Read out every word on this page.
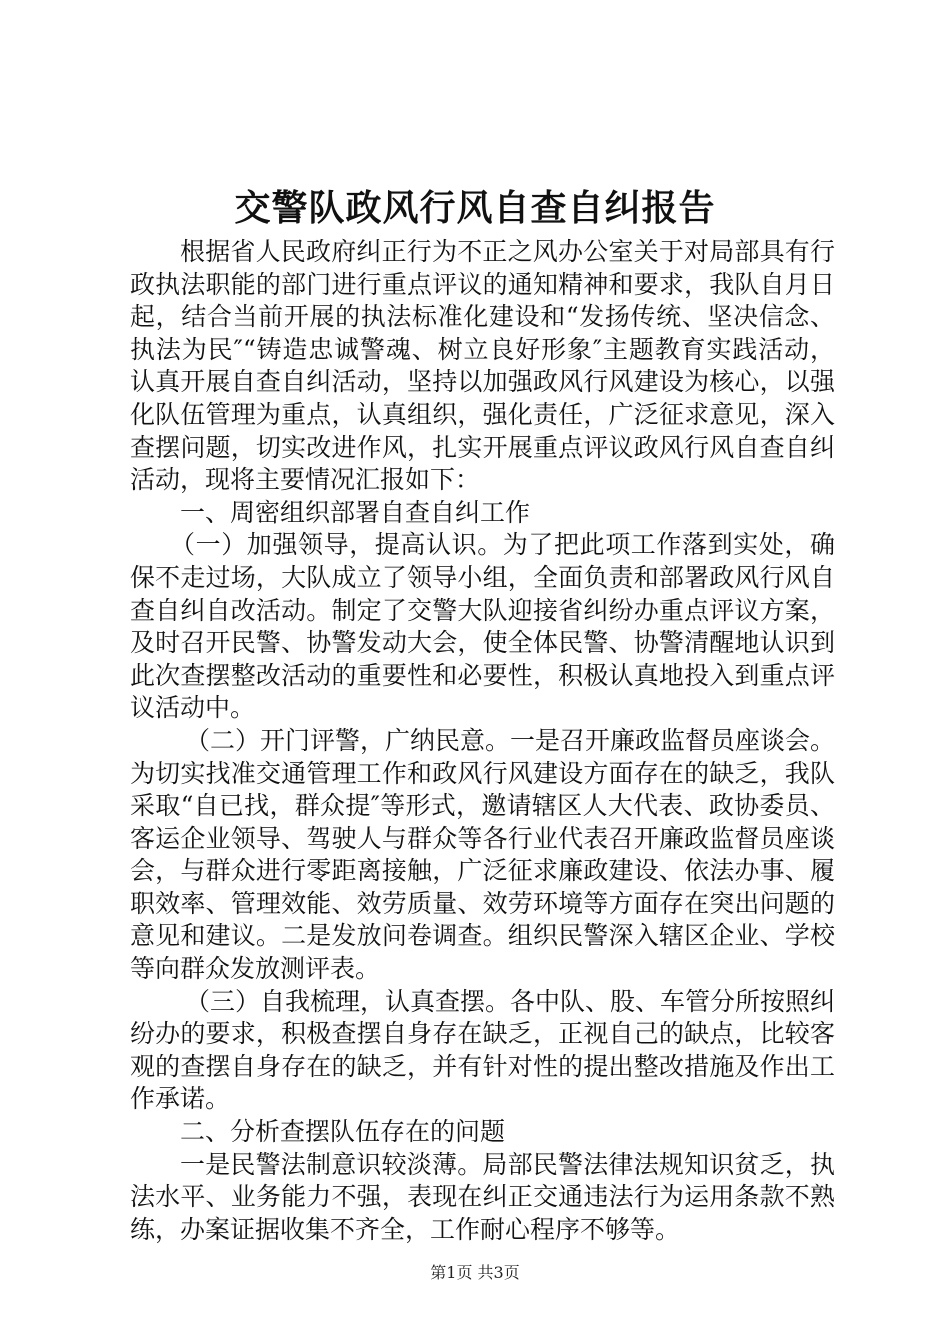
交警队政风行风自查自纠报告

根据省人民政府纠正行为不正之风办公室关于对局部具有行政执法职能的部门进行重点评议的通知精神和要求，我队自月日起，结合当前开展的执法标准化建设和“发扬传统、坚决信念、执法为民″“铸造忠诚警魂、树立良好形象″主题教育实践活动，认真开展自查自纠活动，坚持以加强政风行风建设为核心，以强化队伍管理为重点，认真组织，强化责任，广泛征求意见，深入查摆问题，切实改进作风，扎实开展重点评议政风行风自查自纠活动，现将主要情况汇报如下：

一、周密组织部署自查自纠工作

（一）加强领导，提高认识。为了把此项工作落到实处，确保不走过场，大队成立了领导小组，全面负责和部署政风行风自查自纠自改活动。制定了交警大队迎接省纠纷办重点评议方案，及时召开民警、协警发动大会，使全体民警、协警清醒地认识到此次查摆整改活动的重要性和必要性，积极认真地投入到重点评议活动中。

（二）开门评警，广纳民意。一是召开廉政监督员座谈会。为切实找准交通管理工作和政风行风建设方面存在的缺乏，我队采取“自已找，群众提″等形式，邀请辖区人大代表、政协委员、客运企业领导、驾驶人与群众等各行业代表召开廉政监督员座谈会，与群众进行零距离接触，广泛征求廉政建设、依法办事、履职效率、管理效能、效劳质量、效劳环境等方面存在突出问题的意见和建议。二是发放问卷调查。组织民警深入辖区企业、学校等向群众发放测评表。

（三）自我梳理，认真查摆。各中队、股、车管分所按照纠纷办的要求，积极查摆自身存在缺乏，正视自己的缺点，比较客观的查摆自身存在的缺乏，并有针对性的提出整改措施及作出工作承诺。

二、分析查摆队伍存在的问题

一是民警法制意识较淡薄。局部民警法律法规知识贫乏，执法水平、业务能力不强，表现在纠正交通违法行为运用条款不熟练，办案证据收集不齐全，工作耐心程序不够等。

第1页 共3页
